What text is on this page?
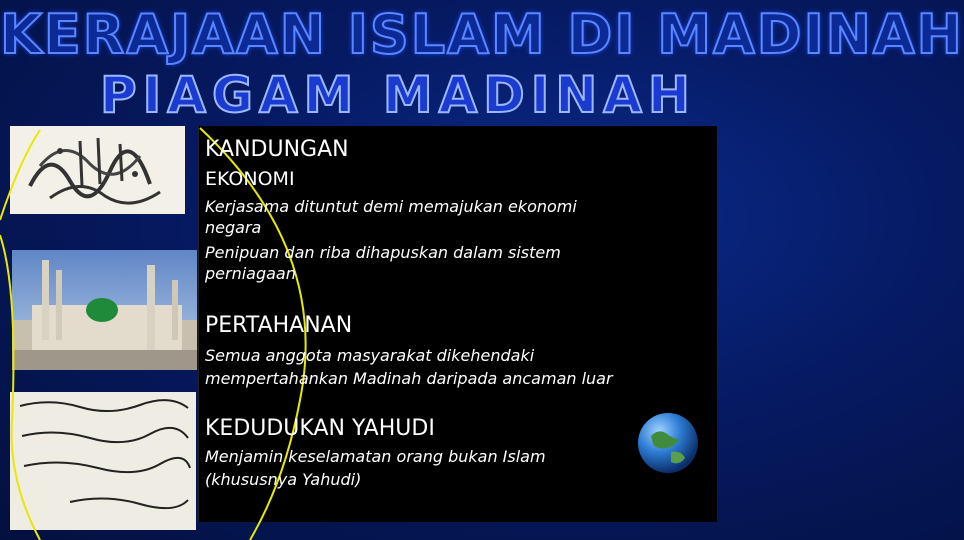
KERAJAAN ISLAM DI MADINAH
PIAGAM MADINAH
KANDUNGAN
EKONOMI
Kerjasama dituntut demi memajukan ekonomi
negara
Penipuan dan riba dihapuskan dalam sistem
perniagaan
PERTAHANAN
Semua anggota masyarakat dikehendaki
mempertahankan Madinah daripada ancaman luar
KEDUDUKAN YAHUDI
Menjamin keselamatan orang bukan Islam
(khususnya Yahudi)
